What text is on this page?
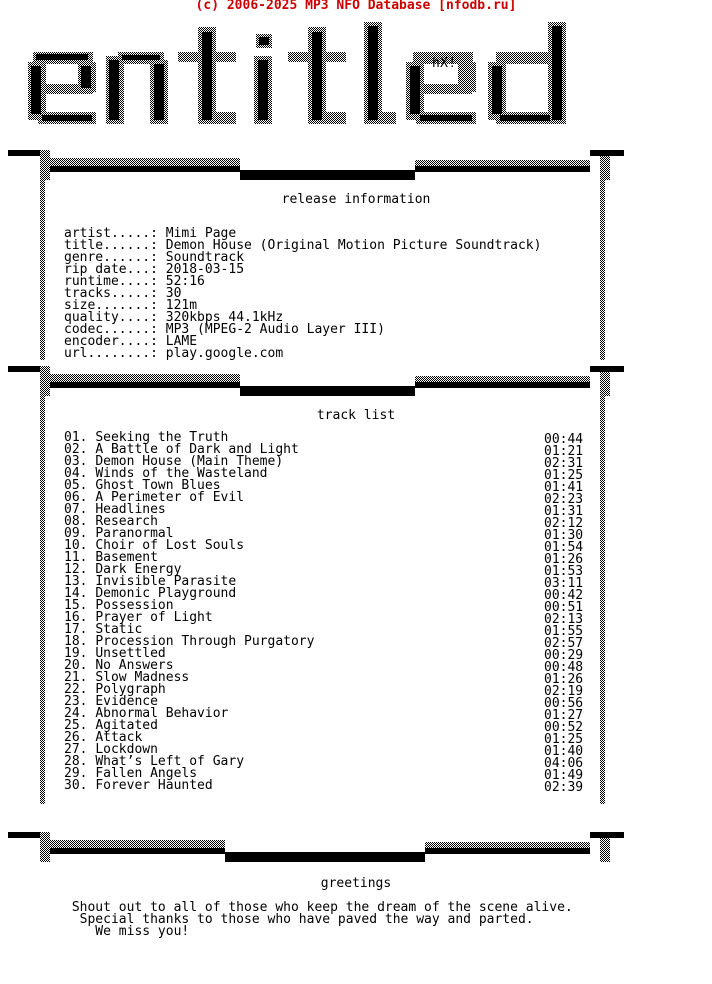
(c) 2006-2025 MP3 NFO Database [nfodb.ru]
hX!
release information
artist.....: Mimi Page
title......: Demon House (Original Motion Picture Soundtrack)
genre......: Soundtrack
rip date...: 2018-03-15
runtime....: 52:16
tracks.....: 30
size.......: 121m
quality....: 320kbps 44.1kHz
codec......: MP3 (MPEG-2 Audio Layer III)
encoder....: LAME
url........: play.google.com
track list
01. Seeking the Truth	00:44
02. A Battle of Dark and Light	01:21
03. Demon House (Main Theme)	02:31
04. Winds of the Wasteland	01:25
05. Ghost Town Blues	01:41
06. A Perimeter of Evil	02:23
07. Headlines	01:31
08. Research	02:12
09. Paranormal	01:30
10. Choir of Lost Souls	01:54
11. Basement	01:26
12. Dark Energy	01:53
13. Invisible Parasite	03:11
14. Demonic Playground	00:42
15. Possession	00:51
16. Prayer of Light	02:13
17. Static	01:55
18. Procession Through Purgatory	02:57
19. Unsettled	00:29
20. No Answers	00:48
21. Slow Madness	01:26
22. Polygraph	02:19
23. Evidence	00:56
24. Abnormal Behavior	01:27
25. Agitated	00:52
26. Attack	01:25
27. Lockdown	01:40
28. What’s Left of Gary	04:06
29. Fallen Angels	01:49
30. Forever Haunted	02:39
greetings
Shout out to all of those who keep the dream of the scene alive.
Special thanks to those who have paved the way and parted.
We miss you!
